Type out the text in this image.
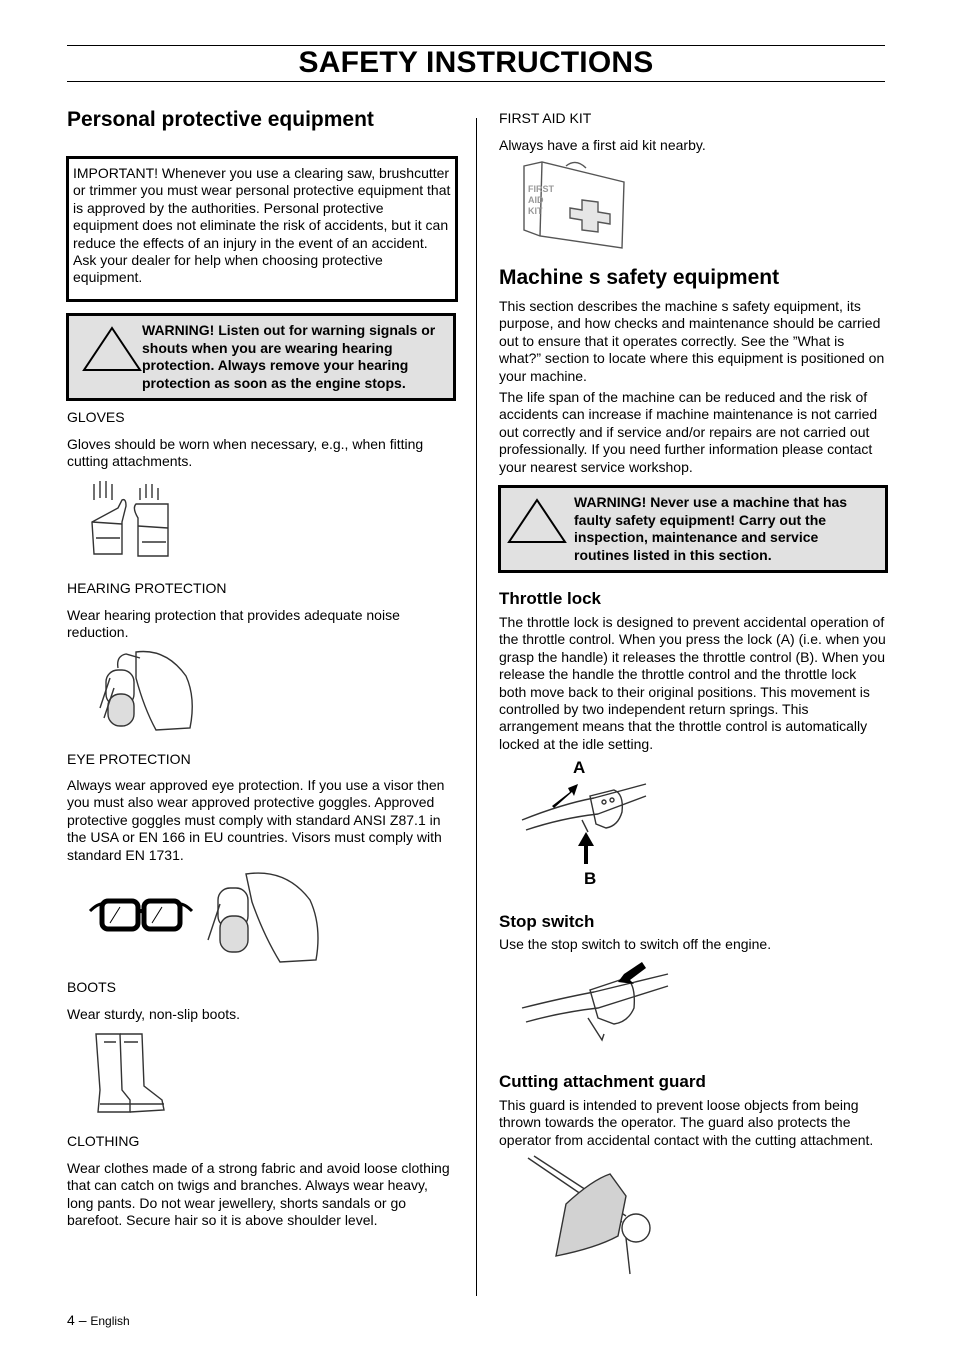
SAFETY INSTRUCTIONS
Personal protective equipment
IMPORTANT! Whenever you use a clearing saw, brushcutter or trimmer you must wear personal protective equipment that is approved by the authorities. Personal protective equipment does not eliminate the risk of accidents, but it can reduce the effects of an injury in the event of an accident. Ask your dealer for help when choosing protective equipment.
WARNING! Listen out for warning signals or shouts when you are wearing hearing protection. Always remove your hearing protection as soon as the engine stops.
GLOVES
Gloves should be worn when necessary, e.g., when fitting cutting attachments.
HEARING PROTECTION
Wear hearing protection that provides adequate noise reduction.
EYE PROTECTION
Always wear approved eye protection. If you use a visor then you must also wear approved protective goggles. Approved protective goggles must comply with standard ANSI Z87.1 in the USA or EN 166 in EU countries. Visors must comply with standard EN 1731.
BOOTS
Wear sturdy, non-slip boots.
CLOTHING
Wear clothes made of a strong fabric and avoid loose clothing that can catch on twigs and branches. Always wear heavy, long pants. Do not wear jewellery, shorts sandals or go barefoot. Secure hair so it is above shoulder level.
FIRST AID KIT
Always have a first aid kit nearby.
FIRST
AID
KIT
Machine s safety equipment
This section describes the machine s safety equipment, its purpose, and how checks and maintenance should be carried out to ensure that it operates correctly. See the ”What is what?” section to locate where this equipment is positioned on your machine.
The life span of the machine can be reduced and the risk of accidents can increase if machine maintenance is not carried out correctly and if service and/or repairs are not carried out professionally. If you need further information please contact your nearest service workshop.
WARNING! Never use a machine that has faulty safety equipment! Carry out the inspection, maintenance and service routines listed in this section.
Throttle lock
The throttle lock is designed to prevent accidental operation of the throttle control. When you press the lock (A) (i.e. when you grasp the handle) it releases the throttle control (B). When you release the handle the throttle control and the throttle lock both move back to their original positions. This movement is controlled by two independent return springs. This arrangement means that the throttle control is automatically locked at the idle setting.
A
B
Stop switch
Use the stop switch to switch off the engine.
Cutting attachment guard
This guard is intended to prevent loose objects from being thrown towards the operator. The guard also protects the operator from accidental contact with the cutting attachment.
4 – English
